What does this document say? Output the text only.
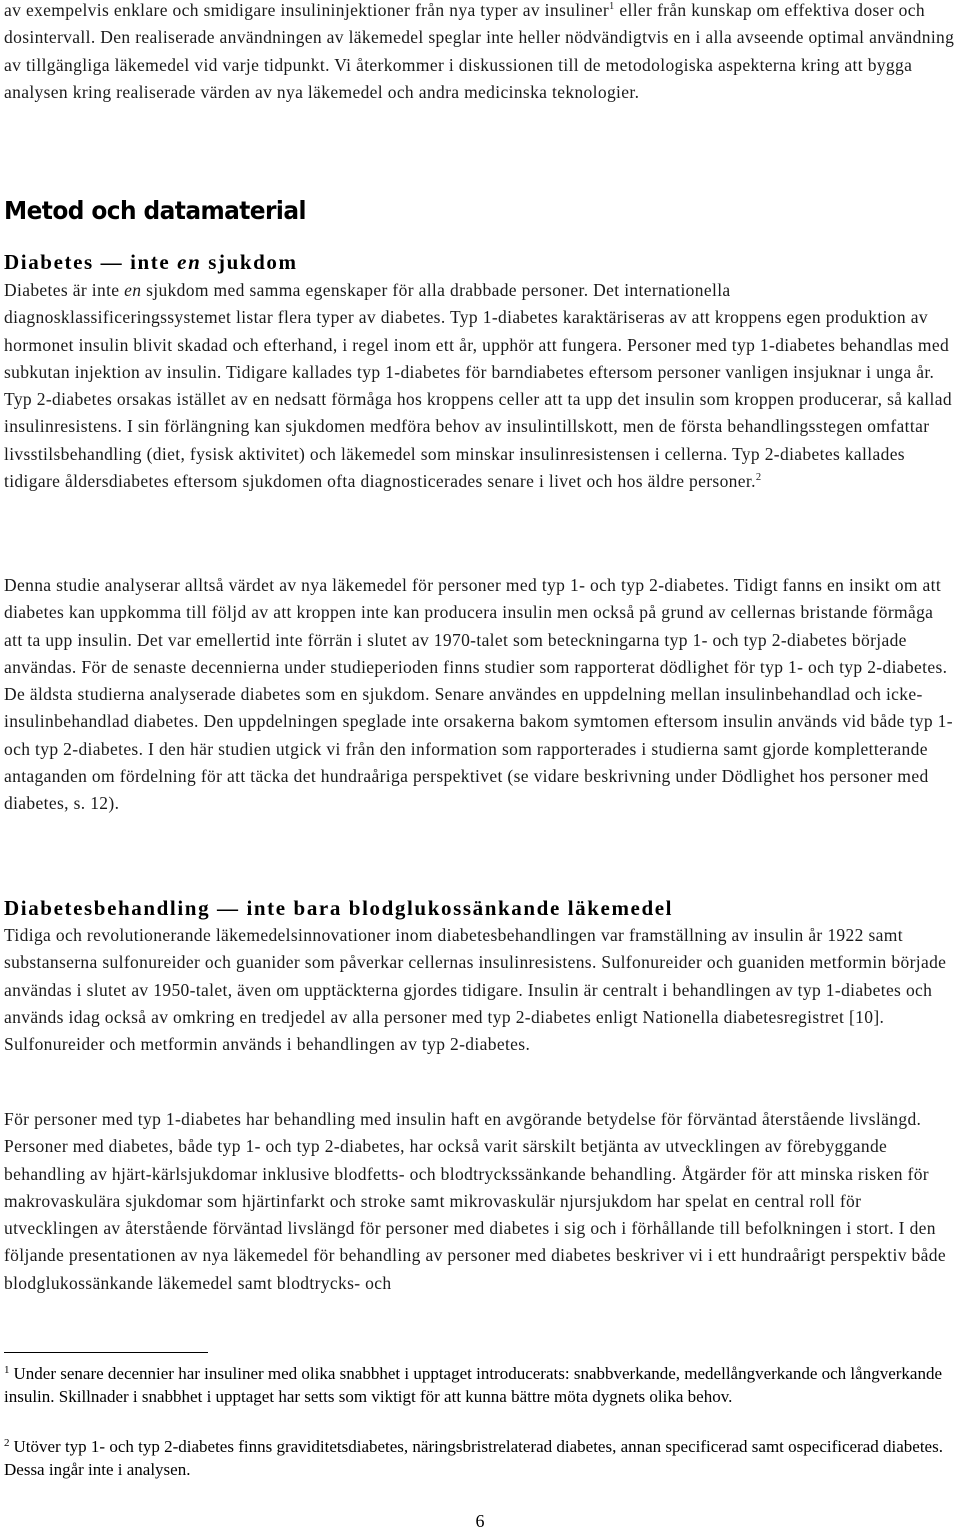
av exempelvis enklare och smidigare insulininjektioner från nya typer av insuliner$^1$ eller från kunskap om effektiva doser och dosintervall. Den realiserade användningen av läkemedel speglar inte heller nödvändigtvis en i alla avseende optimal användning av tillgängliga läkemedel vid varje tidpunkt. Vi återkommer i diskussionen till de metodologiska aspekterna kring att bygga analysen kring realiserade värden av nya läkemedel och andra medicinska teknologier.

Metod och datamaterial
Diabetes — inte en sjukdom

Diabetes är inte en sjukdom med samma egenskaper för alla drabbade personer. Det internationella diagnosklassificeringssystemet listar flera typer av diabetes. Typ 1-diabetes karaktäriseras av att kroppens egen produktion av hormonet insulin blivit skadad och efterhand, i regel inom ett år, upphör att fungera. Personer med typ 1-diabetes behandlas med subkutan injektion av insulin. Tidigare kallades typ 1-diabetes för barndiabetes eftersom personer vanligen insjuknar i unga år. Typ 2-diabetes orsakas istället av en nedsatt förmåga hos kroppens celler att ta upp det insulin som kroppen producerar, så kallad insulinresistens. I sin förlängning kan sjukdomen medföra behov av insulintillskott, men de första behandlingsstegen omfattar livsstilsbehandling (diet, fysisk aktivitet) och läkemedel som minskar insulinresistensen i cellerna. Typ 2-diabetes kallades tidigare åldersdiabetes eftersom sjukdomen ofta diagnosticerades senare i livet och hos äldre personer.$^2$

Denna studie analyserar alltså värdet av nya läkemedel för personer med typ 1- och typ 2-diabetes. Tidigt fanns en insikt om att diabetes kan uppkomma till följd av att kroppen inte kan producera insulin men också på grund av cellernas bristande förmåga att ta upp insulin. Det var emellertid inte förrän i slutet av 1970-talet som beteckningarna typ 1- och typ 2-diabetes började användas. För de senaste decennierna under studieperioden finns studier som rapporterat dödlighet för typ 1- och typ 2-diabetes. De äldsta studierna analyserade diabetes som en sjukdom. Senare användes en uppdelning mellan insulinbehandlad och icke-insulinbehandlad diabetes. Den uppdelningen speglade inte orsakerna bakom symtomen eftersom insulin används vid både typ 1- och typ 2-diabetes. I den här studien utgick vi från den information som rapporterades i studierna samt gjorde kompletterande antaganden om fördelning för att täcka det hundraåriga perspektivet (se vidare beskrivning under Dödlighet hos personer med diabetes, s. 12).

Diabetesbehandling — inte bara blodglukossänkande läkemedel

Tidiga och revolutionerande läkemedelsinnovationer inom diabetesbehandlingen var framställning av insulin år 1922 samt substanserna sulfonureider och guanider som påverkar cellernas insulinresistens. Sulfonureider och guaniden metformin började användas i slutet av 1950-talet, även om upptäckterna gjordes tidigare. Insulin är centralt i behandlingen av typ 1-diabetes och används idag också av omkring en tredjedel av alla personer med typ 2-diabetes enligt Nationella diabetesregistret [10]. Sulfonureider och metformin används i behandlingen av typ 2-diabetes.

För personer med typ 1-diabetes har behandling med insulin haft en avgörande betydelse för förväntad återstående livslängd. Personer med diabetes, både typ 1- och typ 2-diabetes, har också varit särskilt betjänta av utvecklingen av förebyggande behandling av hjärt-kärlsjukdomar inklusive blodfetts- och blodtryckssänkande behandling. Åtgärder för att minska risken för makrovaskulära sjukdomar som hjärtinfarkt och stroke samt mikrovaskulär njursjukdom har spelat en central roll för utvecklingen av återstående förväntad livslängd för personer med diabetes i sig och i förhållande till befolkningen i stort. I den följande presentationen av nya läkemedel för behandling av personer med diabetes beskriver vi i ett hundraårigt perspektiv både blodglukossänkande läkemedel samt blodtrycks- och

$^1$ Under senare decennier har insuliner med olika snabbhet i upptaget introducerats: snabbverkande, medellångverkande och långverkande insulin. Skillnader i snabbhet i upptaget har setts som viktigt för att kunna bättre möta dygnets olika behov.

$^2$ Utöver typ 1- och typ 2-diabetes finns graviditetsdiabetes, näringsbristrelaterad diabetes, annan specificerad samt ospecificerad diabetes. Dessa ingår inte i analysen.

6
